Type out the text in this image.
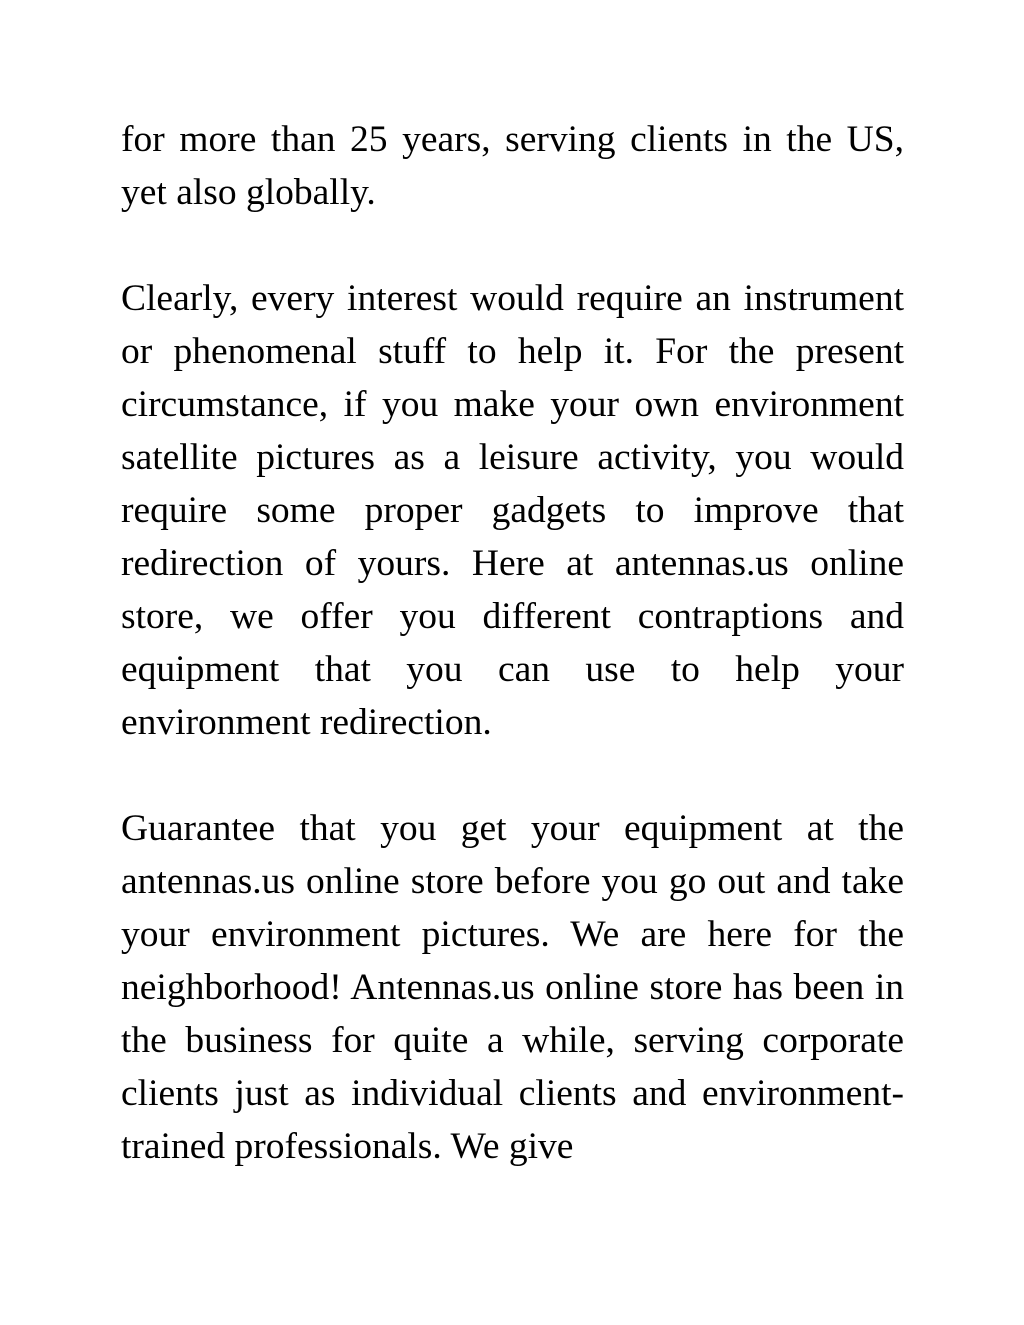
for more than 25 years, serving clients in the US, yet also globally.

Clearly, every interest would require an instrument or phenomenal stuff to help it. For the present circumstance, if you make your own environment satellite pictures as a leisure activity, you would require some proper gadgets to improve that redirection of yours. Here at antennas.us online store, we offer you different contraptions and equipment that you can use to help your environment redirection.

Guarantee that you get your equipment at the antennas.us online store before you go out and take your environment pictures. We are here for the neighborhood! Antennas.us online store has been in the business for quite a while, serving corporate clients just as individual clients and environment-trained professionals. We give
